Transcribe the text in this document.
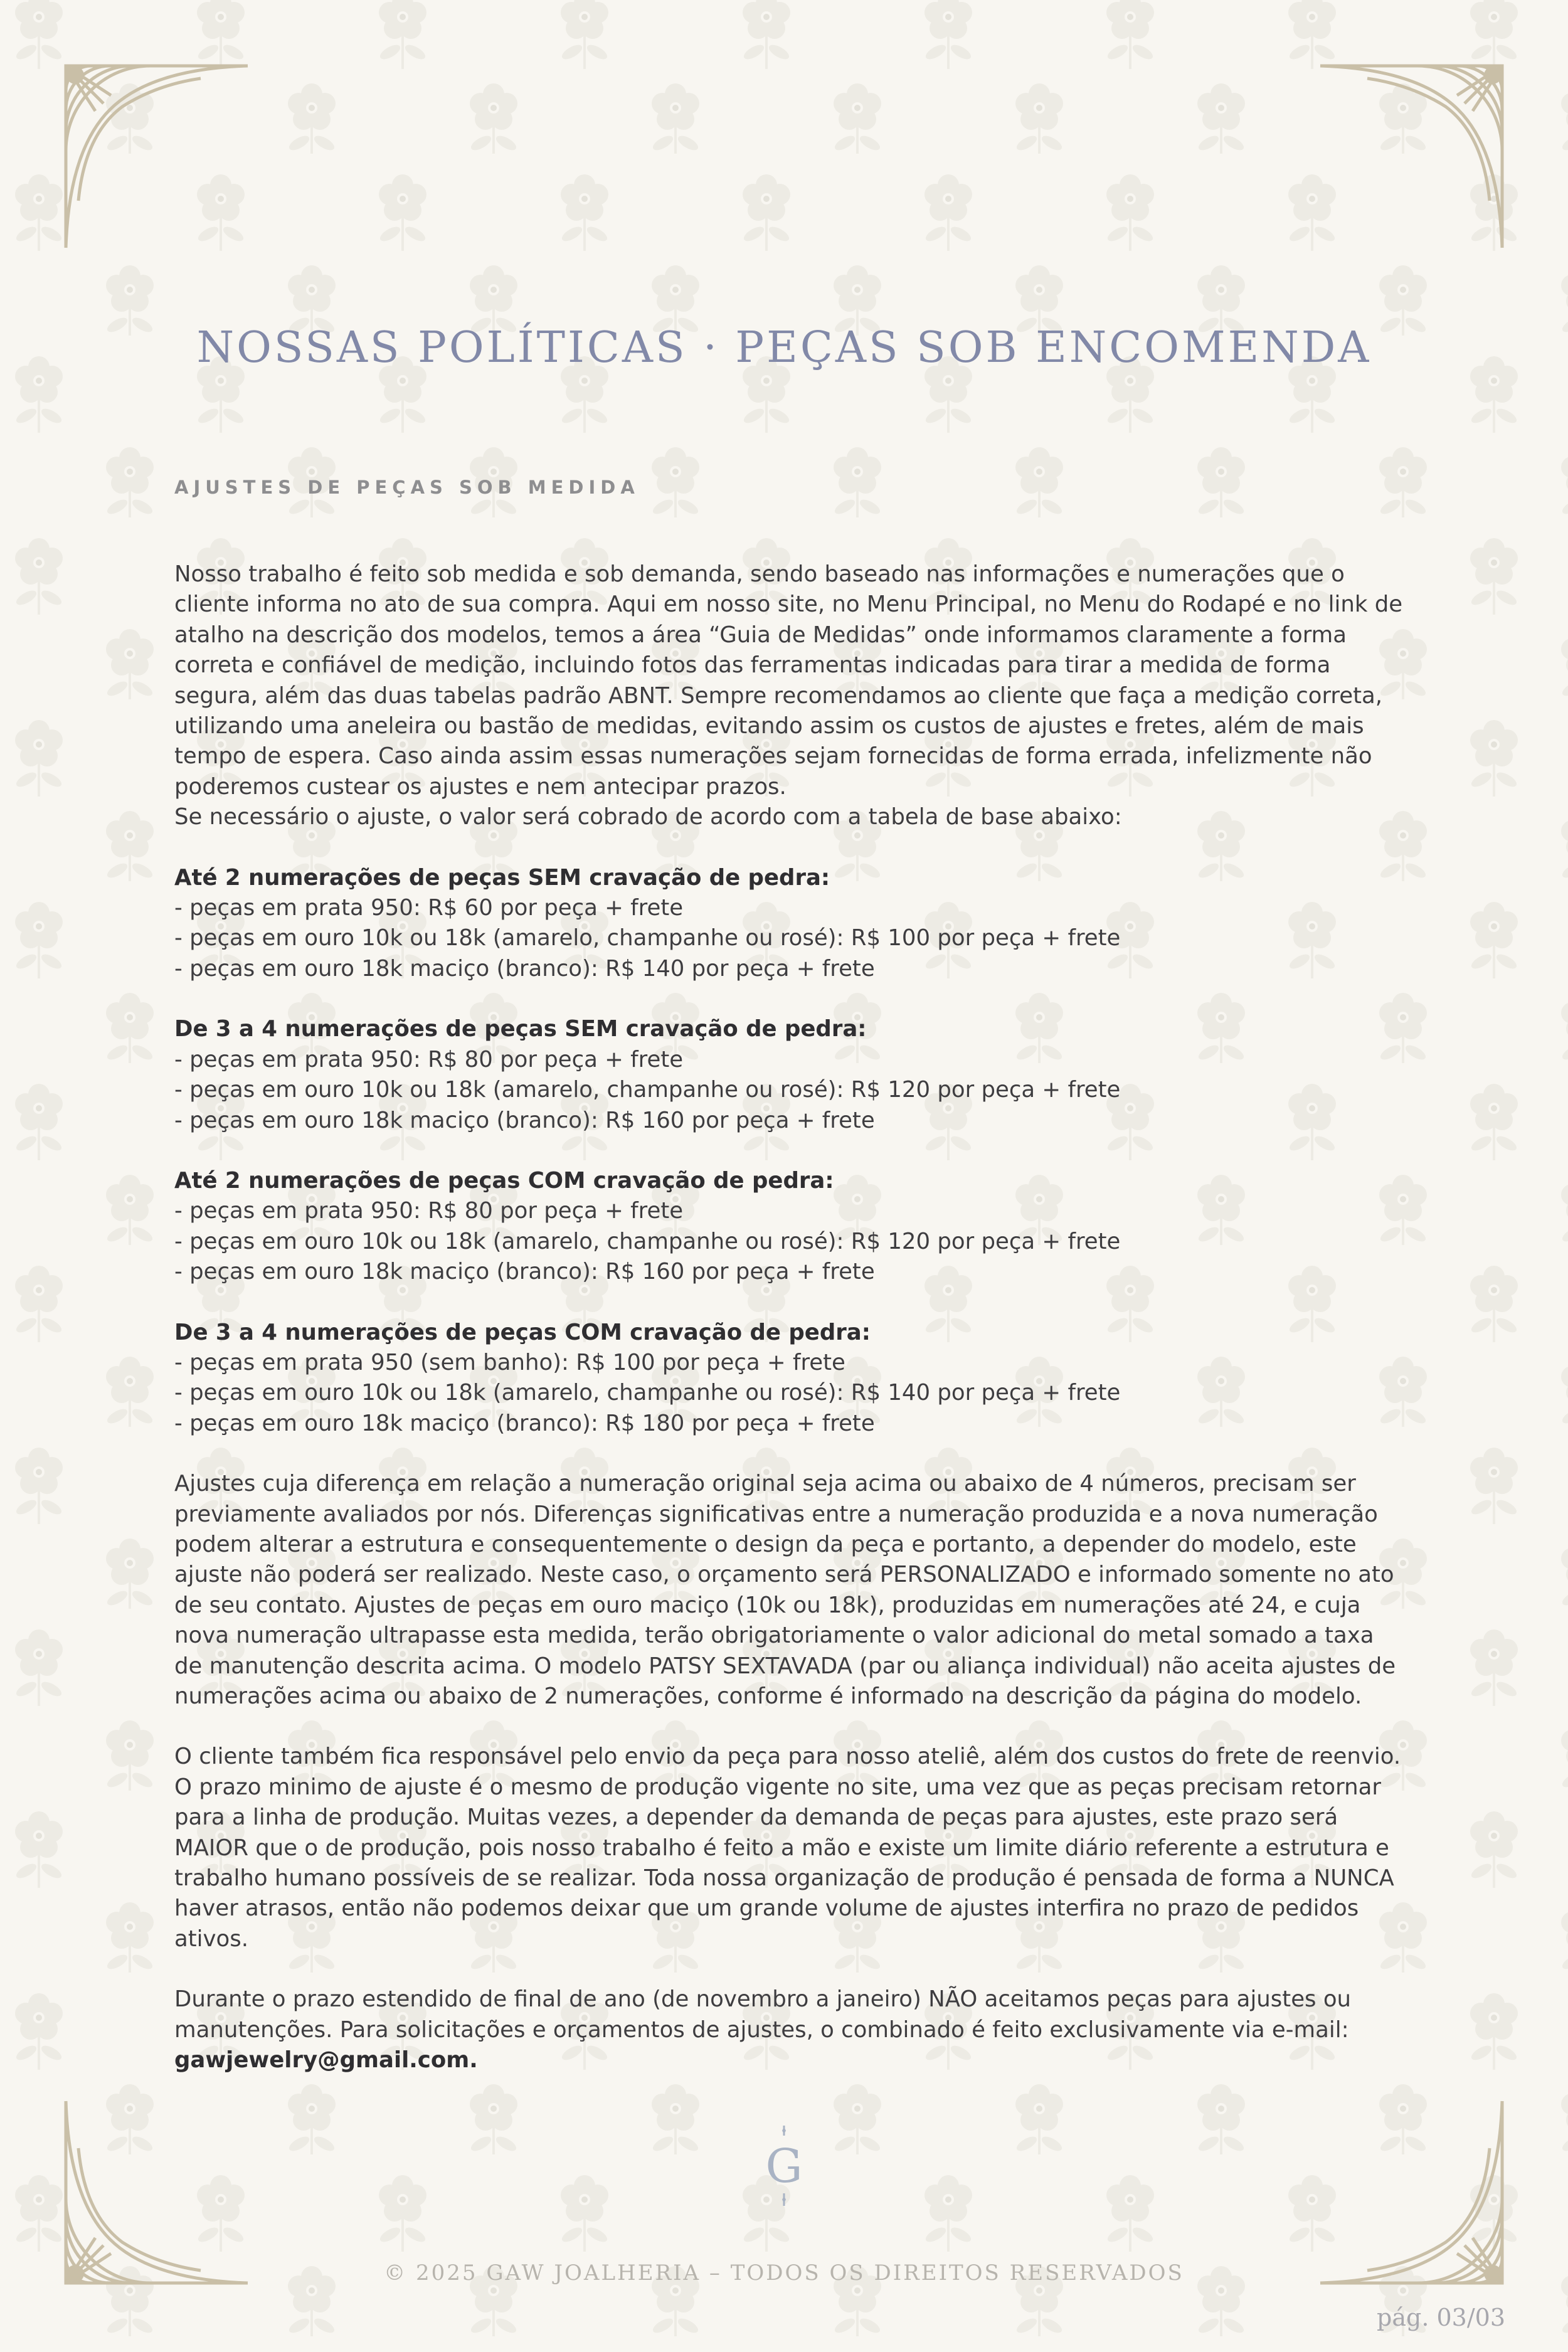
NOSSAS POLÍTICAS · PEÇAS SOB ENCOMENDA
AJUSTES DE PEÇAS SOB MEDIDA

Nosso trabalho é feito sob medida e sob demanda, sendo baseado nas informações e numerações que o cliente informa no ato de sua compra. Aqui em nosso site, no Menu Principal, no Menu do Rodapé e no link de atalho na descrição dos modelos, temos a área “Guia de Medidas” onde informamos claramente a forma correta e confiável de medição, incluindo fotos das ferramentas indicadas para tirar a medida de forma segura, além das duas tabelas padrão ABNT. Sempre recomendamos ao cliente que faça a medição correta, utilizando uma aneleira ou bastão de medidas, evitando assim os custos de ajustes e fretes, além de mais tempo de espera. Caso ainda assim essas numerações sejam fornecidas de forma errada, infelizmente não poderemos custear os ajustes e nem antecipar prazos.

Se necessário o ajuste, o valor será cobrado de acordo com a tabela de base abaixo:

Até 2 numerações de peças SEM cravação de pedra:

- peças em prata 950: R$ 60 por peça + frete

- peças em ouro 10k ou 18k (amarelo, champanhe ou rosé): R$ 100 por peça + frete

- peças em ouro 18k maciço (branco): R$ 140 por peça + frete

De 3 a 4 numerações de peças SEM cravação de pedra:

- peças em prata 950: R$ 80 por peça + frete

- peças em ouro 10k ou 18k (amarelo, champanhe ou rosé): R$ 120 por peça + frete

- peças em ouro 18k maciço (branco): R$ 160 por peça + frete

Até 2 numerações de peças COM cravação de pedra:

- peças em prata 950: R$ 80 por peça + frete

- peças em ouro 10k ou 18k (amarelo, champanhe ou rosé): R$ 120 por peça + frete

- peças em ouro 18k maciço (branco): R$ 160 por peça + frete

De 3 a 4 numerações de peças COM cravação de pedra:

- peças em prata 950 (sem banho): R$ 100 por peça + frete

- peças em ouro 10k ou 18k (amarelo, champanhe ou rosé): R$ 140 por peça + frete

- peças em ouro 18k maciço (branco): R$ 180 por peça + frete

Ajustes cuja diferença em relação a numeração original seja acima ou abaixo de 4 números, precisam ser previamente avaliados por nós. Diferenças significativas entre a numeração produzida e a nova numeração podem alterar a estrutura e consequentemente o design da peça e portanto, a depender do modelo, este ajuste não poderá ser realizado. Neste caso, o orçamento será PERSONALIZADO e informado somente no ato de seu contato. Ajustes de peças em ouro maciço (10k ou 18k), produzidas em numerações até 24, e cuja nova numeração ultrapasse esta medida, terão obrigatoriamente o valor adicional do metal somado a taxa de manutenção descrita acima. O modelo PATSY SEXTAVADA (par ou aliança individual) não aceita ajustes de numerações acima ou abaixo de 2 numerações, conforme é informado na descrição da página do modelo.

O cliente também fica responsável pelo envio da peça para nosso ateliê, além dos custos do frete de reenvio. O prazo minimo de ajuste é o mesmo de produção vigente no site, uma vez que as peças precisam retornar para a linha de produção. Muitas vezes, a depender da demanda de peças para ajustes, este prazo será MAIOR que o de produção, pois nosso trabalho é feito a mão e existe um limite diário referente a estrutura e trabalho humano possíveis de se realizar. Toda nossa organização de produção é pensada de forma a NUNCA haver atrasos, então não podemos deixar que um grande volume de ajustes interfira no prazo de pedidos ativos.

Durante o prazo estendido de final de ano (de novembro a janeiro) NÃO aceitamos peças para ajustes ou manutenções. Para solicitações e orçamentos de ajustes, o combinado é feito exclusivamente via e-mail: gawjewelry@gmail.com.

G
© 2025 GAW JOALHERIA – TODOS OS DIREITOS RESERVADOS
pág. 03/03
